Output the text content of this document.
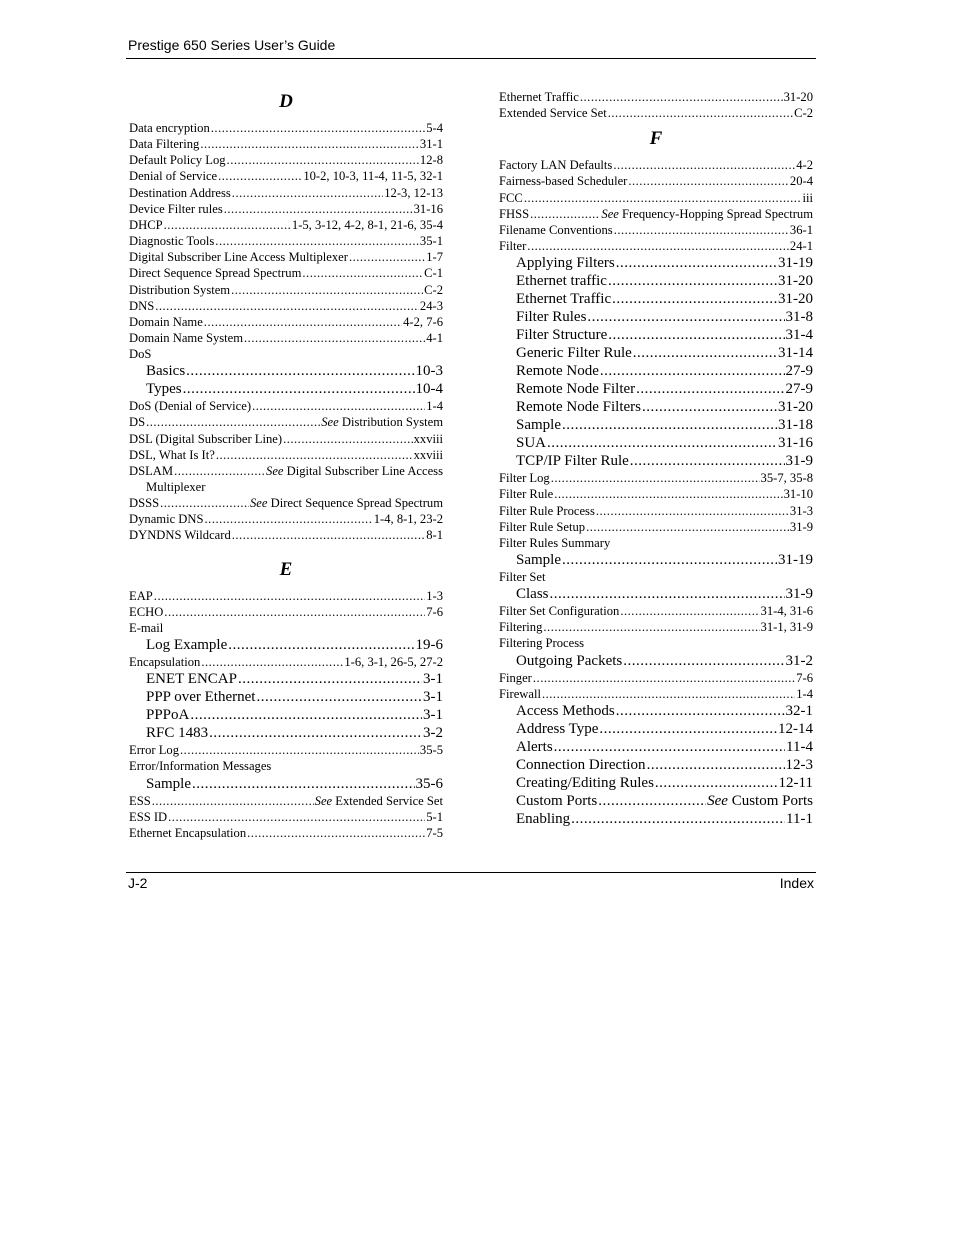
Prestige 650 Series User’s Guide
D
Data encryption .....	5-4
Data Filtering .....	31-1
Default Policy Log .....	12-8
Denial of Service .....	10-2, 10-3, 11-4, 11-5, 32-1
Destination Address .....	12-3, 12-13
Device Filter rules .....	31-16
DHCP .....	1-5, 3-12, 4-2, 8-1, 21-6, 35-4
Diagnostic Tools .....	35-1
Digital Subscriber Line Access Multiplexer .....	1-7
Direct Sequence Spread Spectrum .....	C-1
Distribution System .....	C-2
DNS .....	24-3
Domain Name .....	4-2, 7-6
Domain Name System .....	4-1
DoS
Basics .....	10-3
Types .....	10-4
DoS (Denial of Service) .....	1-4
DS .....	See Distribution System
DSL (Digital Subscriber Line) .....	xxviii
DSL, What Is It? .....	xxviii
DSLAM .....	See Digital Subscriber Line Access
Multiplexer
DSSS .....	See Direct Sequence Spread Spectrum
Dynamic DNS .....	1-4, 8-1, 23-2
DYNDNS Wildcard .....	8-1
E
EAP .....	1-3
ECHO .....	7-6
E-mail
Log Example .....	19-6
Encapsulation .....	1-6, 3-1, 26-5, 27-2
ENET ENCAP .....	3-1
PPP over Ethernet .....	3-1
PPPoA .....	3-1
RFC 1483 .....	3-2
Error Log .....	35-5
Error/Information Messages
Sample .....	35-6
ESS .....	See Extended Service Set
ESS ID .....	5-1
Ethernet Encapsulation .....	7-5
Ethernet Traffic .....	31-20
Extended Service Set .....	C-2
F
Factory LAN Defaults .....	4-2
Fairness-based Scheduler .....	20-4
FCC .....	iii
FHSS .....	See Frequency-Hopping Spread Spectrum
Filename Conventions .....	36-1
Filter .....	24-1
Applying Filters .....	31-19
Ethernet traffic .....	31-20
Ethernet Traffic .....	31-20
Filter Rules .....	31-8
Filter Structure .....	31-4
Generic Filter Rule .....	31-14
Remote Node .....	27-9
Remote Node Filter .....	27-9
Remote Node Filters .....	31-20
Sample .....	31-18
SUA .....	31-16
TCP/IP Filter Rule .....	31-9
Filter Log .....	35-7, 35-8
Filter Rule .....	31-10
Filter Rule Process .....	31-3
Filter Rule Setup .....	31-9
Filter Rules Summary
Sample .....	31-19
Filter Set
Class .....	31-9
Filter Set Configuration .....	31-4, 31-6
Filtering .....	31-1, 31-9
Filtering Process
Outgoing Packets .....	31-2
Finger .....	7-6
Firewall .....	1-4
Access Methods .....	32-1
Address Type .....	12-14
Alerts .....	11-4
Connection Direction .....	12-3
Creating/Editing Rules .....	12-11
Custom Ports .....	See Custom Ports
Enabling .....	11-1
J-2	Index
